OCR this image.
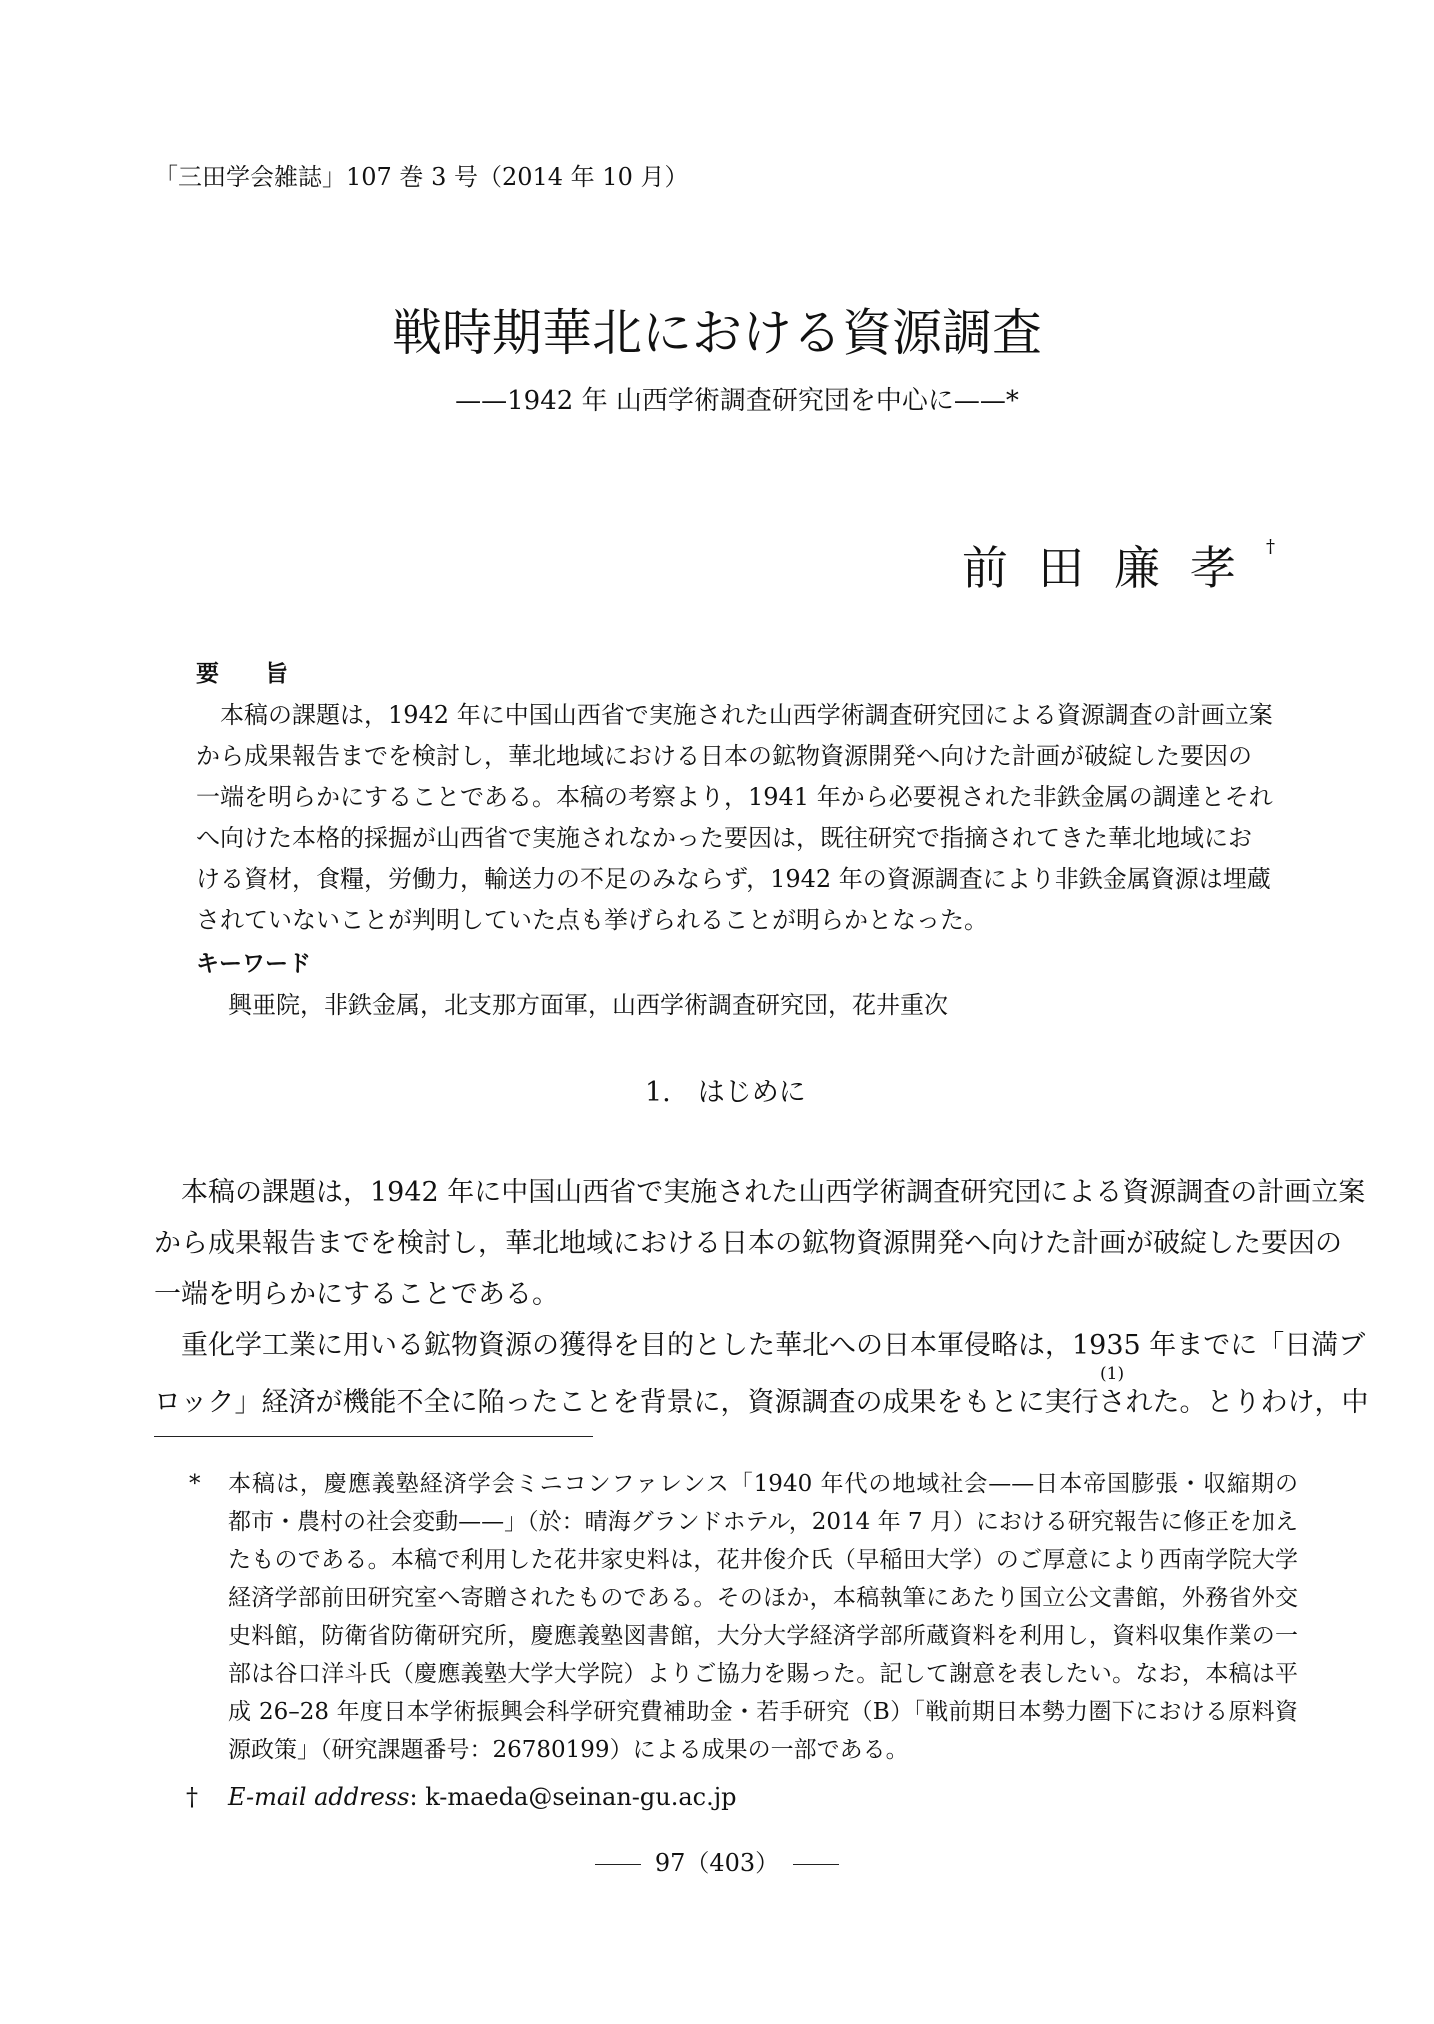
「三田学会雑誌」107 巻 3 号（2014 年 10 月）
戦時期華北における資源調査
——1942 年 山西学術調査研究団を中心に——*
前田廉孝†
要　　旨
本稿の課題は，1942 年に中国山西省で実施された山西学術調査研究団による資源調査の計画立案
から成果報告までを検討し，華北地域における日本の鉱物資源開発へ向けた計画が破綻した要因の
一端を明らかにすることである。本稿の考察より，1941 年から必要視された非鉄金属の調達とそれ
へ向けた本格的採掘が山西省で実施されなかった要因は，既往研究で指摘されてきた華北地域にお
ける資材，食糧，労働力，輸送力の不足のみならず，1942 年の資源調査により非鉄金属資源は埋蔵
されていないことが判明していた点も挙げられることが明らかとなった。
キーワード
興亜院，非鉄金属，北支那方面軍，山西学術調査研究団，花井重次
1.　はじめに
本稿の課題は，1942 年に中国山西省で実施された山西学術調査研究団による資源調査の計画立案
から成果報告までを検討し，華北地域における日本の鉱物資源開発へ向けた計画が破綻した要因の
一端を明らかにすることである。
重化学工業に用いる鉱物資源の獲得を目的とした華北への日本軍侵略は，1935 年までに「日満ブ
ロック」経済が機能不全に陥ったことを背景に，資源調査の成果をもとに実行された。とりわけ，中
(1)
* 本稿は，慶應義塾経済学会ミニコンファレンス「1940 年代の地域社会——日本帝国膨張・収縮期の
都市・農村の社会変動——」（於：晴海グランドホテル，2014 年 7 月）における研究報告に修正を加え
たものである。本稿で利用した花井家史料は，花井俊介氏（早稲田大学）のご厚意により西南学院大学
経済学部前田研究室へ寄贈されたものである。そのほか，本稿執筆にあたり国立公文書館，外務省外交
史料館，防衛省防衛研究所，慶應義塾図書館，大分大学経済学部所蔵資料を利用し，資料収集作業の一
部は谷口洋斗氏（慶應義塾大学大学院）よりご協力を賜った。記して謝意を表したい。なお，本稿は平
成 26–28 年度日本学術振興会科学研究費補助金・若手研究（B）「戦前期日本勢力圏下における原料資
源政策」（研究課題番号：26780199）による成果の一部である。
† E-mail address: k-maeda@seinan-gu.ac.jp
97（403）
